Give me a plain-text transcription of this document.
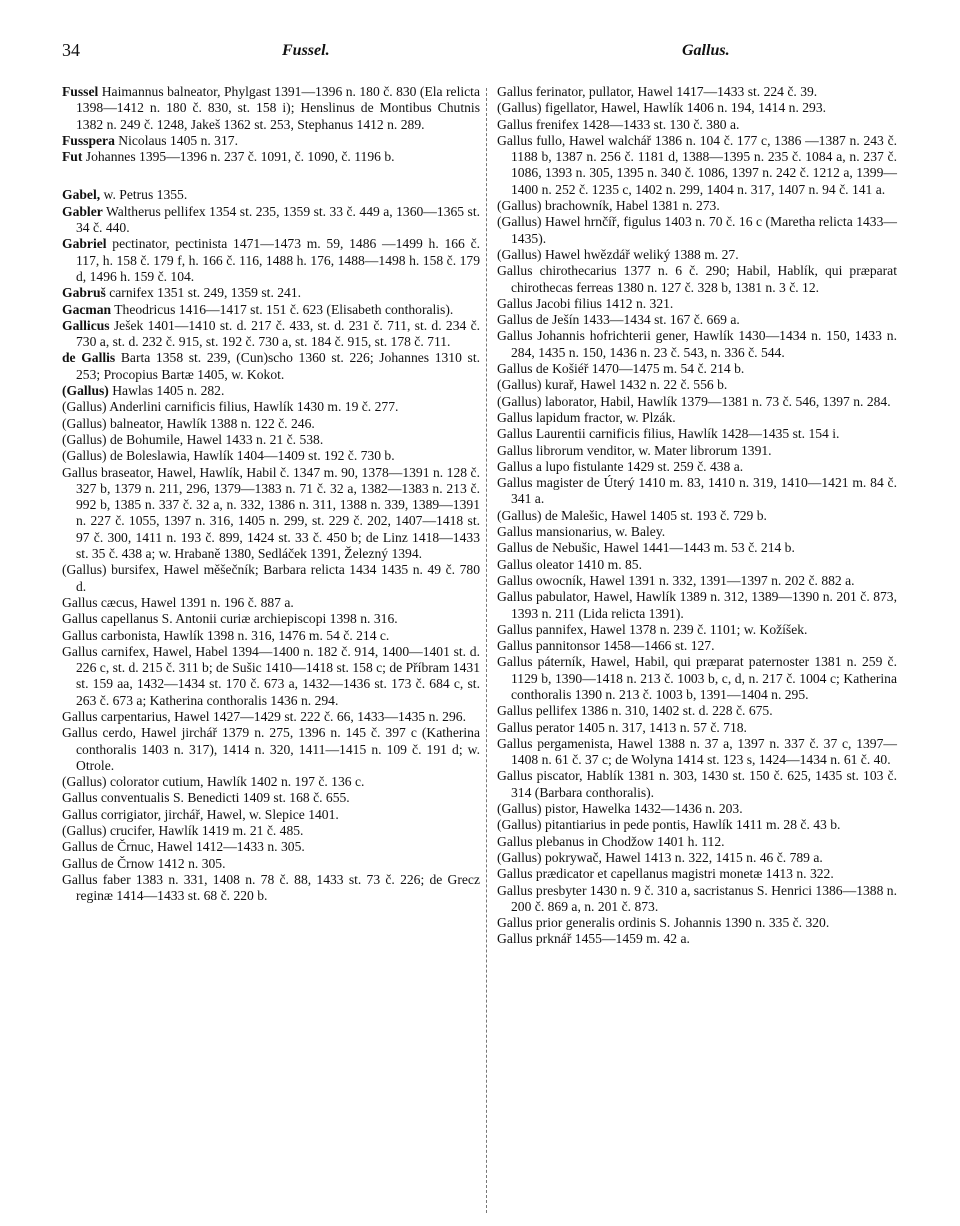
34	Fussel.	Gallus.

Fussel Haimannus balneator, Phylgast 1391—1396 n. 180 č. 830 (Ela relicta 1398—1412 n. 180 č. 830, st. 158 i); Henslinus de Montibus Chutnis 1382 n. 249 č. 1248, Jakeš 1362 st. 253, Stephanus 1412 n. 289.

Fusspera Nicolaus 1405 n. 317.

Fut Johannes 1395—1396 n. 237 č. 1091, č. 1090, č. 1196 b.

Gabel, w. Petrus 1355.

Gabler Waltherus pellifex 1354 st. 235, 1359 st. 33 č. 449 a, 1360—1365 st. 34 č. 440.

Gabriel pectinator, pectinista 1471—1473 m. 59, 1486 —1499 h. 166 č. 117, h. 158 č. 179 f, h. 166 č. 116, 1488 h. 176, 1488—1498 h. 158 č. 179 d, 1496 h. 159 č. 104.

Gabruš carnifex 1351 st. 249, 1359 st. 241.

Gacman Theodricus 1416—1417 st. 151 č. 623 (Elisabeth conthoralis).

Gallicus Ješek 1401—1410 st. d. 217 č. 433, st. d. 231 č. 711, st. d. 234 č. 730 a, st. d. 232 č. 915, st. 192 č. 730 a, st. 184 č. 915, st. 178 č. 711.

de Gallis Barta 1358 st. 239, (Cun)scho 1360 st. 226; Johannes 1310 st. 253; Procopius Bartæ 1405, w. Kokot.

(Gallus) Hawlas 1405 n. 282.

(Gallus) Anderlini carnificis filius, Hawlík 1430 m. 19 č. 277.

(Gallus) balneator, Hawlík 1388 n. 122 č. 246.

(Gallus) de Bohumile, Hawel 1433 n. 21 č. 538.

(Gallus) de Boleslawia, Hawlík 1404—1409 st. 192 č. 730 b.

Gallus braseator, Hawel, Hawlík, Habil č. 1347 m. 90, 1378—1391 n. 128 č. 327 b, 1379 n. 211, 296, 1379—1383 n. 71 č. 32 a, 1382—1383 n. 213 č. 992 b, 1385 n. 337 č. 32 a, n. 332, 1386 n. 311, 1388 n. 339, 1389—1391 n. 227 č. 1055, 1397 n. 316, 1405 n. 299, st. 229 č. 202, 1407—1418 st. 97 č. 300, 1411 n. 193 č. 899, 1424 st. 33 č. 450 b; de Linz 1418—1433 st. 35 č. 438 a; w. Hrabaně 1380, Sedláček 1391, Železný 1394.

(Gallus) bursifex, Hawel měšečník; Barbara relicta 1434 1435 n. 49 č. 780 d.

Gallus cæcus, Hawel 1391 n. 196 č. 887 a.

Gallus capellanus S. Antonii curiæ archiepiscopi 1398 n. 316.

Gallus carbonista, Hawlík 1398 n. 316, 1476 m. 54 č. 214 c.

Gallus carnifex, Hawel, Habel 1394—1400 n. 182 č. 914, 1400—1401 st. d. 226 c, st. d. 215 č. 311 b; de Sušic 1410—1418 st. 158 c; de Příbram 1431 st. 159 aa, 1432—1434 st. 170 č. 673 a, 1432—1436 st. 173 č. 684 c, st. 263 č. 673 a; Katherina conthoralis 1436 n. 294.

Gallus carpentarius, Hawel 1427—1429 st. 222 č. 66, 1433—1435 n. 296.

Gallus cerdo, Hawel jirchář 1379 n. 275, 1396 n. 145 č. 397 c (Katherina conthoralis 1403 n. 317), 1414 n. 320, 1411—1415 n. 109 č. 191 d; w. Otrole.

(Gallus) colorator cutium, Hawlík 1402 n. 197 č. 136 c.

Gallus conventualis S. Benedicti 1409 st. 168 č. 655.

Gallus corrigiator, jirchář, Hawel, w. Slepice 1401.

(Gallus) crucifer, Hawlík 1419 m. 21 č. 485.

Gallus de Črnuc, Hawel 1412—1433 n. 305.

Gallus de Črnow 1412 n. 305.

Gallus faber 1383 n. 331, 1408 n. 78 č. 88, 1433 st. 73 č. 226; de Grecz reginæ 1414—1433 st. 68 č. 220 b.

Gallus ferinator, pullator, Hawel 1417—1433 st. 224 č. 39.

(Gallus) figellator, Hawel, Hawlík 1406 n. 194, 1414 n. 293.

Gallus frenifex 1428—1433 st. 130 č. 380 a.

Gallus fullo, Hawel walchář 1386 n. 104 č. 177 c, 1386 —1387 n. 243 č. 1188 b, 1387 n. 256 č. 1181 d, 1388—1395 n. 235 č. 1084 a, n. 237 č. 1086, 1393 n. 305, 1395 n. 340 č. 1086, 1397 n. 242 č. 1212 a, 1399—1400 n. 252 č. 1235 c, 1402 n. 299, 1404 n. 317, 1407 n. 94 č. 141 a.

(Gallus) brachowník, Habel 1381 n. 273.

(Gallus) Hawel hrnčíř, figulus 1403 n. 70 č. 16 c (Maretha relicta 1433—1435).

(Gallus) Hawel hwězdář weliký 1388 m. 27.

Gallus chirothecarius 1377 n. 6 č. 290; Habil, Hablík, qui præparat chirothecas ferreas 1380 n. 127 č. 328 b, 1381 n. 3 č. 12.

Gallus Jacobi filius 1412 n. 321.

Gallus de Ješín 1433—1434 st. 167 č. 669 a.

Gallus Johannis hofrichterii gener, Hawlík 1430—1434 n. 150, 1433 n. 284, 1435 n. 150, 1436 n. 23 č. 543, n. 336 č. 544.

Gallus de Košiéř 1470—1475 m. 54 č. 214 b.

(Gallus) kurař, Hawel 1432 n. 22 č. 556 b.

(Gallus) laborator, Habil, Hawlík 1379—1381 n. 73 č. 546, 1397 n. 284.

Gallus lapidum fractor, w. Plzák.

Gallus Laurentii carnificis filius, Hawlík 1428—1435 st. 154 i.

Gallus librorum venditor, w. Mater librorum 1391.

Gallus a lupo fistulante 1429 st. 259 č. 438 a.

Gallus magister de Úterý 1410 m. 83, 1410 n. 319, 1410—1421 m. 84 č. 341 a.

(Gallus) de Malešic, Hawel 1405 st. 193 č. 729 b.

Gallus mansionarius, w. Baley.

Gallus de Nebušic, Hawel 1441—1443 m. 53 č. 214 b.

Gallus oleator 1410 m. 85.

Gallus owocník, Hawel 1391 n. 332, 1391—1397 n. 202 č. 882 a.

Gallus pabulator, Hawel, Hawlík 1389 n. 312, 1389—1390 n. 201 č. 873, 1393 n. 211 (Lida relicta 1391).

Gallus pannifex, Hawel 1378 n. 239 č. 1101; w. Kožíšek.

Gallus pannitonsor 1458—1466 st. 127.

Gallus páterník, Hawel, Habil, qui præparat paternoster 1381 n. 259 č. 1129 b, 1390—1418 n. 213 č. 1003 b, c, d, n. 217 č. 1004 c; Katherina conthoralis 1390 n. 213 č. 1003 b, 1391—1404 n. 295.

Gallus pellifex 1386 n. 310, 1402 st. d. 228 č. 675.

Gallus perator 1405 n. 317, 1413 n. 57 č. 718.

Gallus pergamenista, Hawel 1388 n. 37 a, 1397 n. 337 č. 37 c, 1397—1408 n. 61 č. 37 c; de Wolyna 1414 st. 123 s, 1424—1434 n. 61 č. 40.

Gallus piscator, Hablík 1381 n. 303, 1430 st. 150 č. 625, 1435 st. 103 č. 314 (Barbara conthoralis).

(Gallus) pistor, Hawelka 1432—1436 n. 203.

(Gallus) pitantiarius in pede pontis, Hawlík 1411 m. 28 č. 43 b.

Gallus plebanus in Chodžow 1401 h. 112.

(Gallus) pokrywač, Hawel 1413 n. 322, 1415 n. 46 č. 789 a.

Gallus prædicator et capellanus magistri monetæ 1413 n. 322.

Gallus presbyter 1430 n. 9 č. 310 a, sacristanus S. Henrici 1386—1388 n. 200 č. 869 a, n. 201 č. 873.

Gallus prior generalis ordinis S. Johannis 1390 n. 335 č. 320.

Gallus prknář 1455—1459 m. 42 a.
